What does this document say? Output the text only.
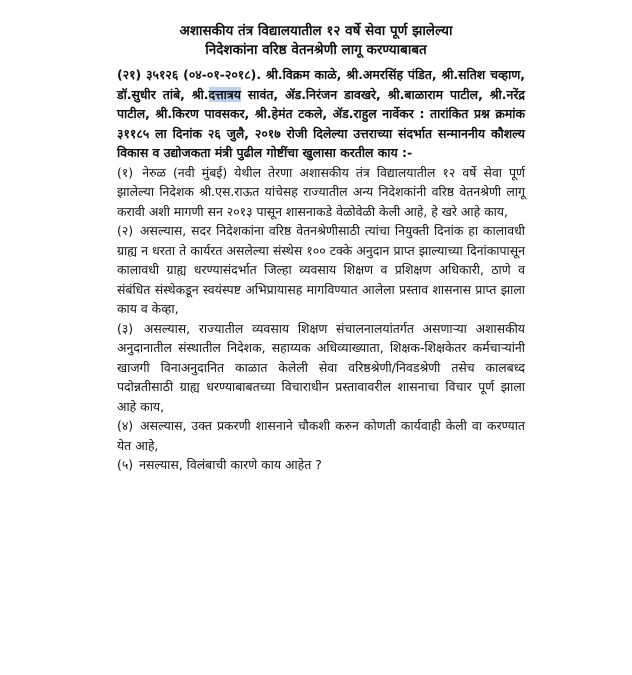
अशासकीय तंत्र विद्यालयातील १२ वर्षे सेवा पूर्ण झालेल्या
निदेशकांना वरिष्ठ वेतनश्रेणी लागू करण्याबाबत
(२१) ३५१२६ (०४-०१-२०१८). श्री.विक्रम काळे, श्री.अमरसिंह पंडित, श्री.सतिश चव्हाण, डॉ.सुधीर तांबे, श्री.दत्तात्रय सावंत, ॲड.निरंजन डावखरे, श्री.बाळाराम पाटील, श्री.नरेंद्र पाटील, श्री.किरण पावसकर, श्री.हेमंत टकले, ॲड.राहुल नार्वेकर : तारांकित प्रश्न क्रमांक ३११८५ ला दिनांक २६ जुलै, २०१७ रोजी दिलेल्या उत्तराच्या संदर्भात सन्माननीय कौशल्य विकास व उद्योजकता मंत्री पुढील गोष्टींचा खुलासा करतील काय :-
(१) नेरुळ (नवी मुंबई) येथील तेरणा अशासकीय तंत्र विद्यालयातील १२ वर्षे सेवा पूर्ण झालेल्या निदेशक श्री.एस.राऊत यांचेसह राज्यातील अन्य निदेशकांनी वरिष्ठ वेतनश्रेणी लागू करावी अशी मागणी सन २०१३ पासून शासनाकडे वेळोवेळी केली आहे, हे खरे आहे काय,
(२) असल्यास, सदर निदेशकांना वरिष्ठ वेतनश्रेणीसाठी त्यांचा नियुक्ती दिनांक हा कालावधी ग्राह्य न धरता ते कार्यरत असलेल्या संस्थेस १०० टक्के अनुदान प्राप्त झाल्याच्या दिनांकापासून कालावधी ग्राह्य धरण्यासंदर्भात जिल्हा व्यवसाय शिक्षण व प्रशिक्षण अधिकारी, ठाणे व संबंधित संस्थेकडून स्वयंस्पष्ट अभिप्रायासह मागविण्यात आलेला प्रस्ताव शासनास प्राप्त झाला काय व केव्हा,
(३) असल्यास, राज्यातील व्यवसाय शिक्षण संचालनालयांतर्गत असणाऱ्या अशासकीय अनुदानातील संस्थातील निदेशक, सहाय्यक अधिव्याख्याता, शिक्षक-शिक्षकेतर कर्मचाऱ्यांनी खाजगी विनाअनुदानित काळात केलेली सेवा वरिष्ठश्रेणी/निवडश्रेणी तसेच कालबध्द पदोन्नतीसाठी ग्राह्य धरण्याबाबतच्या विचाराधीन प्रस्तावावरील शासनाचा विचार पूर्ण झाला आहे काय,
(४) असल्यास, उक्त प्रकरणी शासनाने चौकशी करुन कोणती कार्यवाही केली वा करण्यात येत आहे,
(५) नसल्यास, विलंबाची कारणे काय आहेत ?
